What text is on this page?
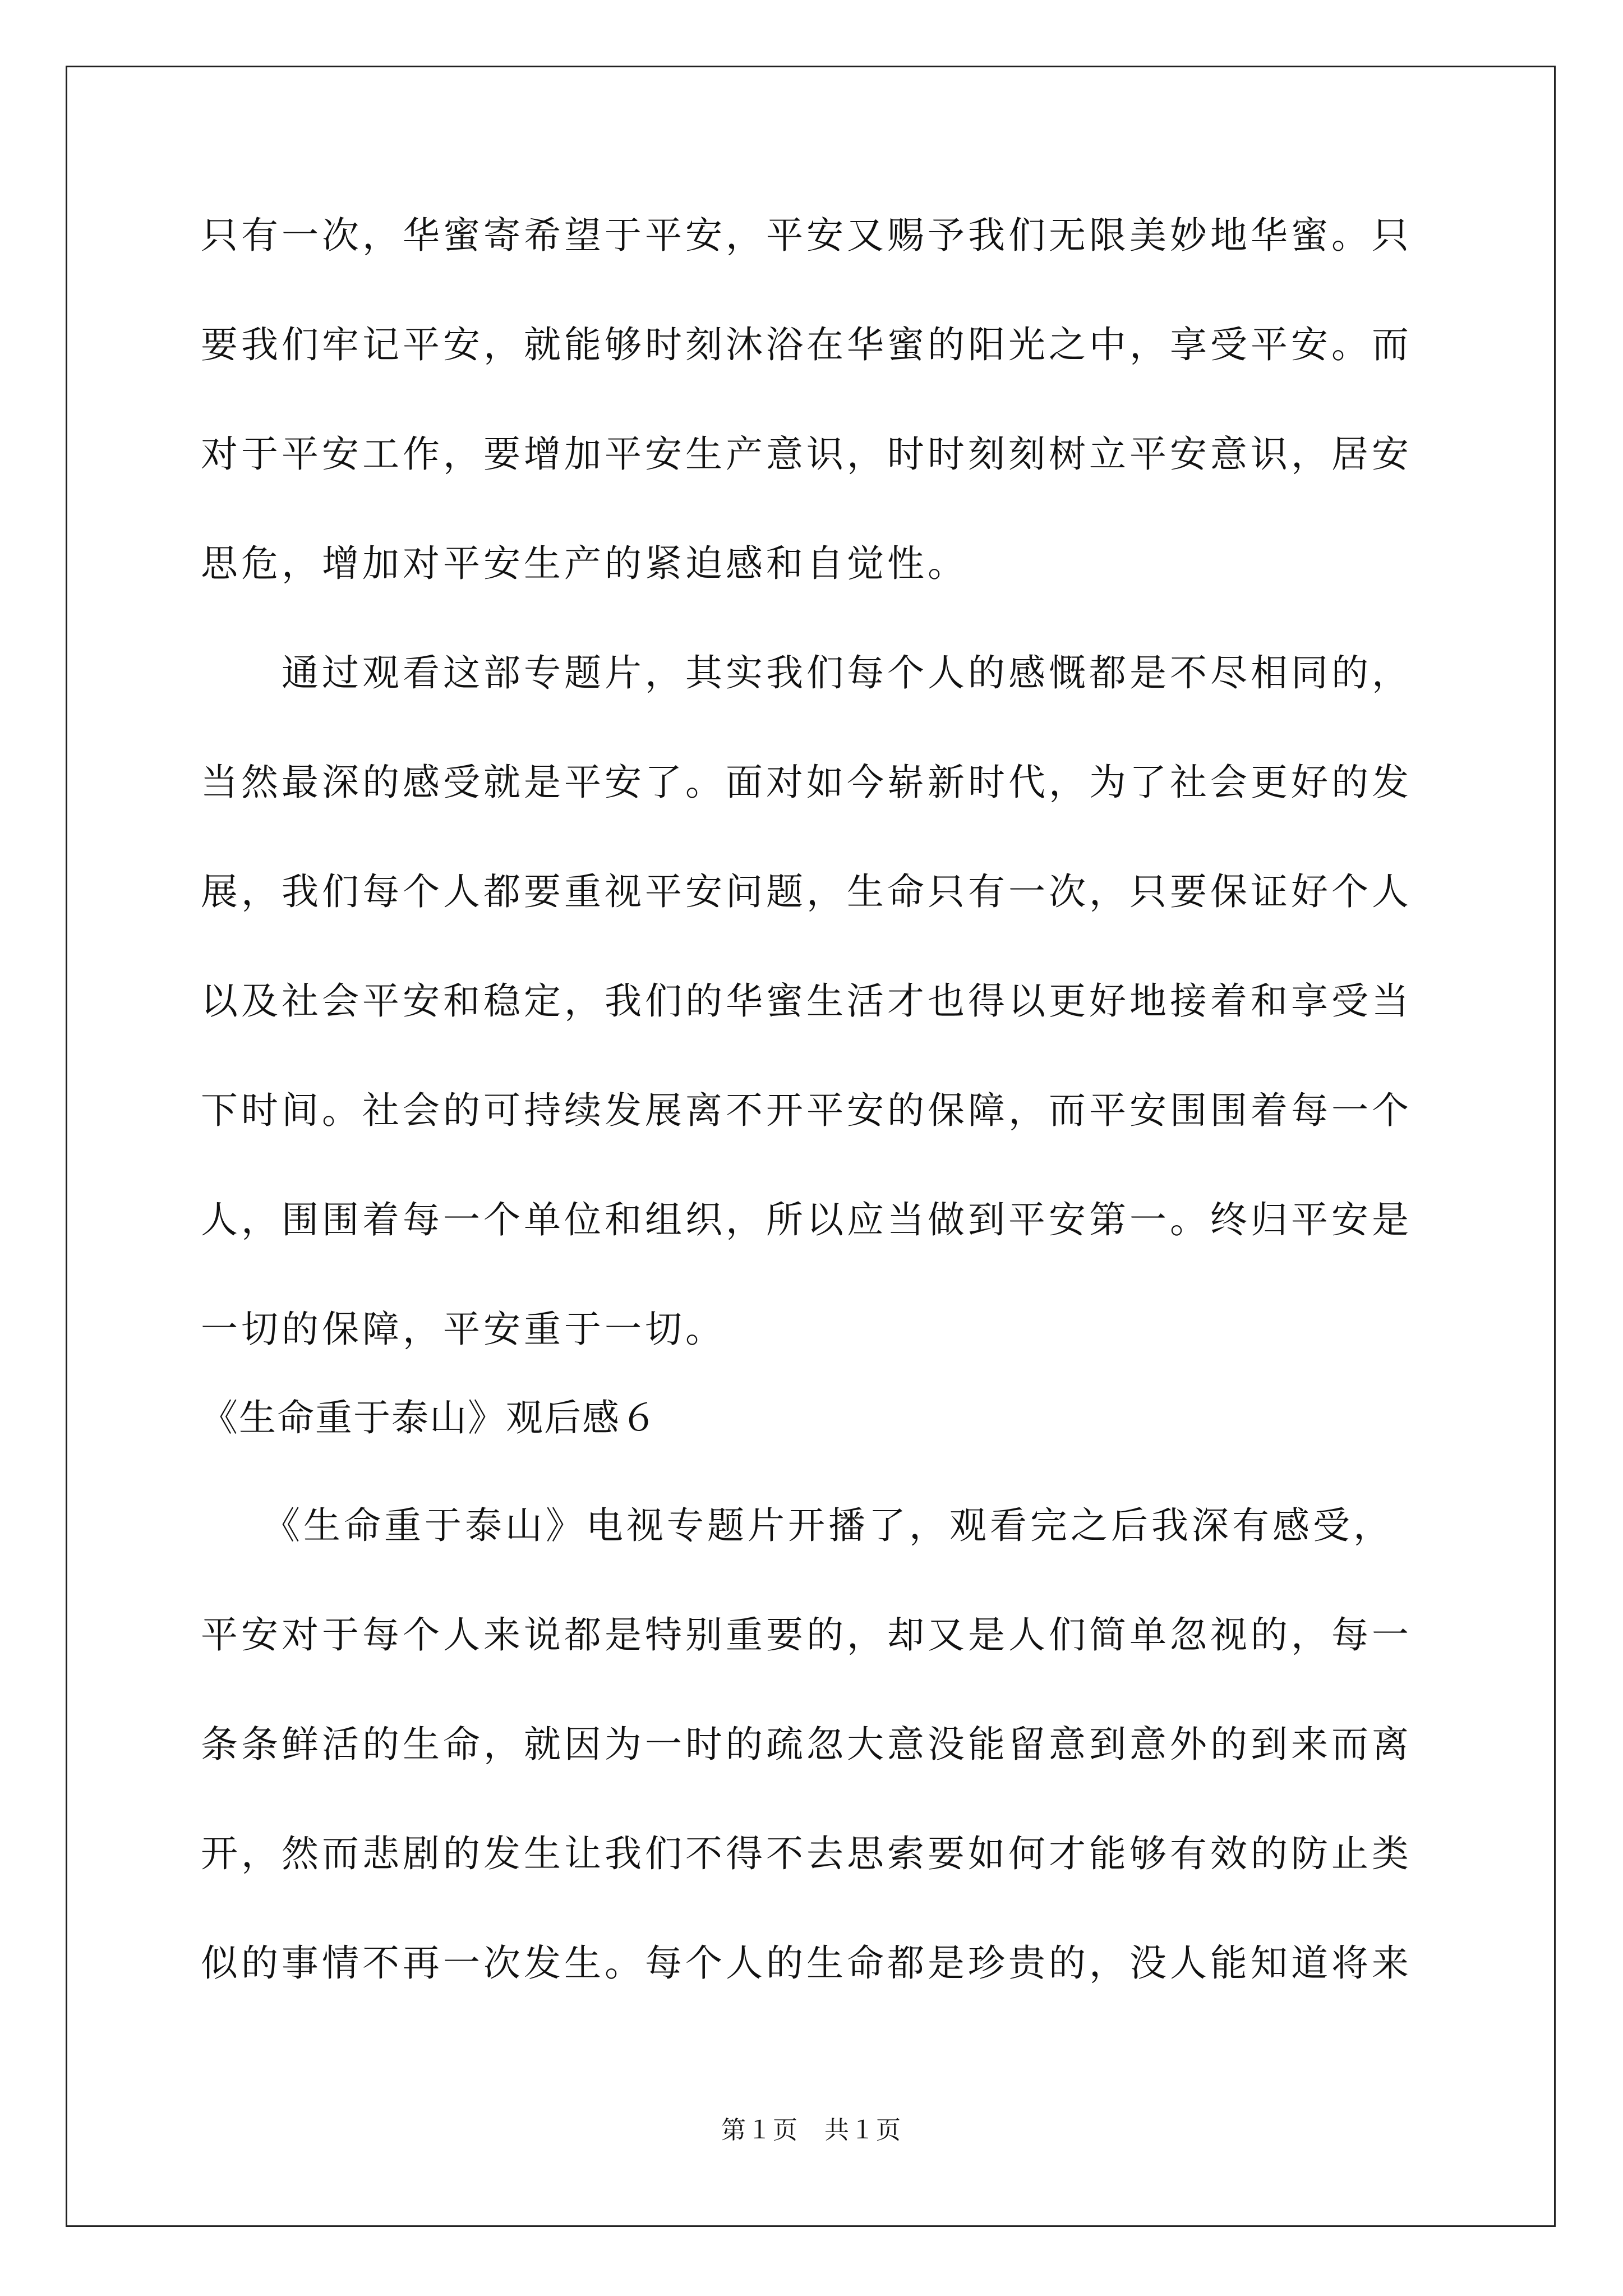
只有一次，华蜜寄希望于平安，平安又赐予我们无限美妙地华蜜。只
要我们牢记平安，就能够时刻沐浴在华蜜的阳光之中，享受平安。而
对于平安工作，要增加平安生产意识，时时刻刻树立平安意识，居安
思危，增加对平安生产的紧迫感和自觉性。
　　通过观看这部专题片，其实我们每个人的感慨都是不尽相同的，
当然最深的感受就是平安了。面对如今崭新时代，为了社会更好的发
展，我们每个人都要重视平安问题，生命只有一次，只要保证好个人
以及社会平安和稳定，我们的华蜜生活才也得以更好地接着和享受当
下时间。社会的可持续发展离不开平安的保障，而平安围围着每一个
人，围围着每一个单位和组织，所以应当做到平安第一。终归平安是
一切的保障，平安重于一切。
《生命重于泰山》观后感６
　　《生命重于泰山》电视专题片开播了，观看完之后我深有感受，
平安对于每个人来说都是特别重要的，却又是人们简单忽视的，每一
条条鲜活的生命，就因为一时的疏忽大意没能留意到意外的到来而离
开，然而悲剧的发生让我们不得不去思索要如何才能够有效的防止类
似的事情不再一次发生。每个人的生命都是珍贵的，没人能知道将来
第１页　共１页
